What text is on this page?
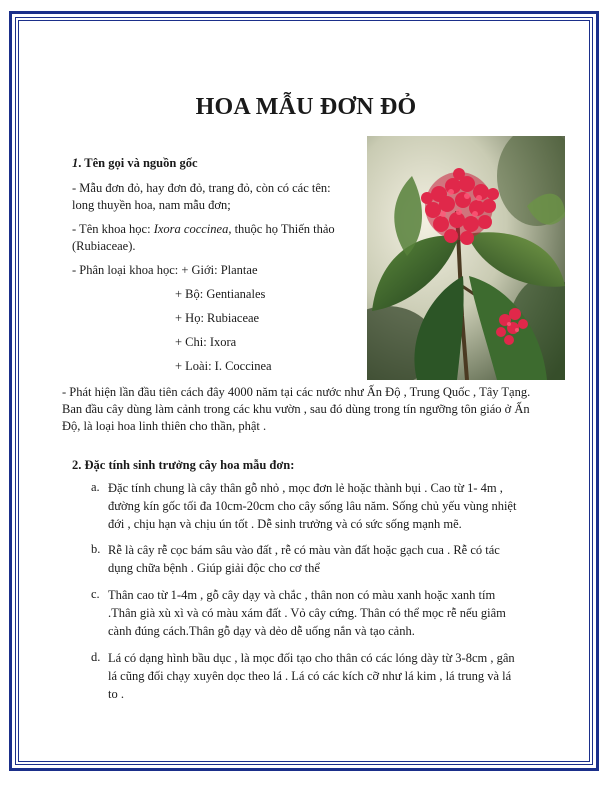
HOA MẪU ĐƠN ĐỎ
1. Tên gọi và nguồn gốc
- Mẫu đơn đỏ, hay đơn đỏ, trang đỏ, còn có các tên:
long thuyền hoa, nam mẫu đơn;
- Tên khoa học: Ixora coccinea, thuộc họ Thiến thảo
(Rubiaceae).
- Phân loại khoa học: + Giới: Plantae
+ Bộ: Gentianales
+ Họ: Rubiaceae
+ Chi: Ixora
+ Loài: I. Coccinea
- Phát hiện lần đầu tiên cách đây 4000 năm tại các nước như Ấn Độ , Trung Quốc , Tây Tạng.
Ban đầu cây dùng làm cảnh trong các khu vườn , sau đó dùng trong tín ngưỡng tôn giáo ở Ấn
Độ, là loại hoa linh thiên cho thần, phật .
2. Đặc tính sinh trưởng cây hoa mẫu đơn:
a. Đặc tính chung là cây thân gỗ nhỏ , mọc đơn lẻ hoặc thành bụi . Cao từ 1- 4m ,
đường kín gốc tối đa 10cm-20cm cho cây sống lâu năm. Sống chủ yếu vùng nhiệt
đới , chịu hạn và chịu ún tốt . Dễ sinh trưởng và có sức sống mạnh mẽ.
b. Rễ là cây rễ cọc bám sâu vào đất , rễ có màu vàn đất hoặc gạch cua . Rễ có tác
dụng chữa bệnh . Giúp giải độc cho cơ thể
c. Thân cao từ 1-4m , gỗ cây dạy và chắc , thân non có màu xanh hoặc xanh tím
.Thân già xù xì và có màu xám đất . Vỏ cây cứng. Thân có thể mọc rễ nếu giâm
cành đúng cách.Thân gỗ dạy và dẻo dễ uống nắn và tạo cảnh.
d. Lá có dạng hình bầu dục , là mọc đối tạo cho thân có các lóng dày từ 3-8cm , gân
lá cũng đối chạy xuyên dọc theo lá . Lá có các kích cỡ như lá kim , lá trung và lá
to .
